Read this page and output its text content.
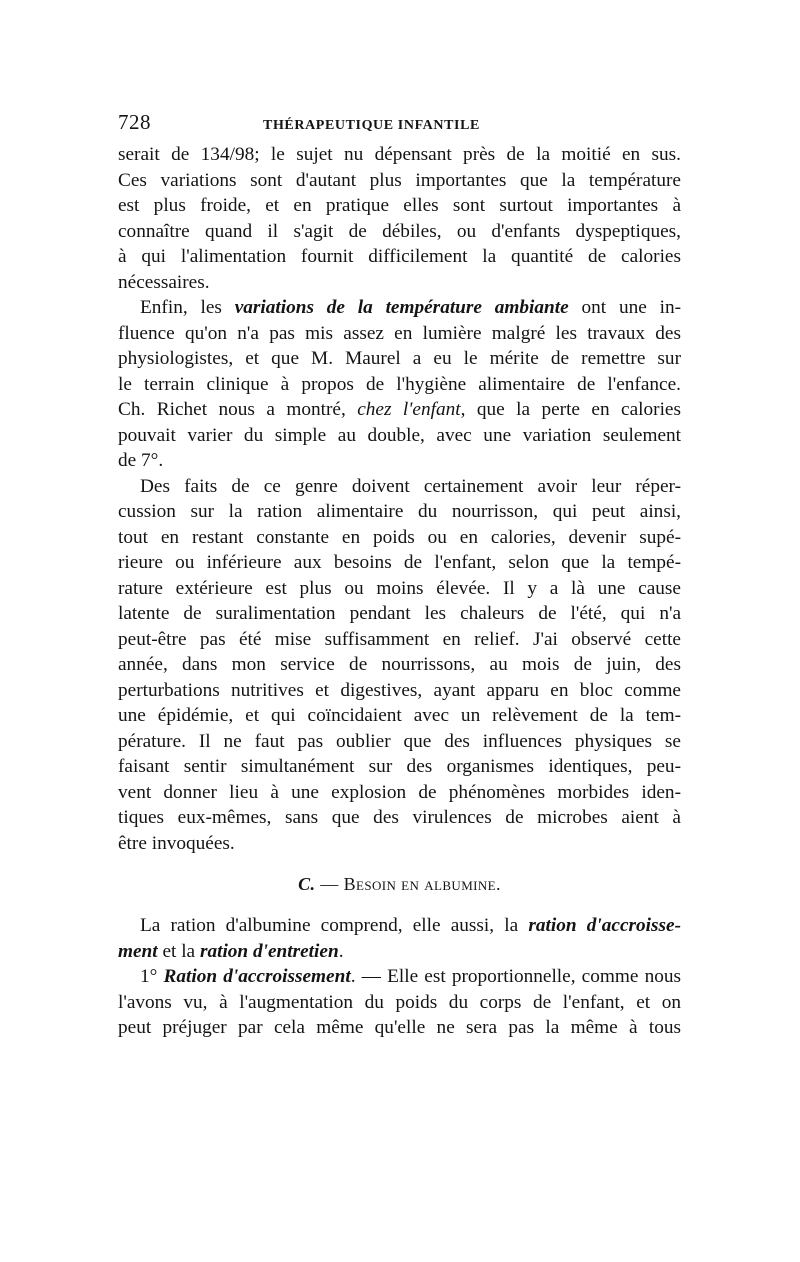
728	THÉRAPEUTIQUE INFANTILE

serait de 134/98; le sujet nu dépensant près de la moitié en sus.
Ces variations sont d'autant plus importantes que la température
est plus froide, et en pratique elles sont surtout importantes à
connaître quand il s'agit de débiles, ou d'enfants dyspeptiques,
à qui l'alimentation fournit difficilement la quantité de calories
nécessaires.

Enfin, les variations de la température ambiante ont une in-
fluence qu'on n'a pas mis assez en lumière malgré les travaux des
physiologistes, et que M. Maurel a eu le mérite de remettre sur
le terrain clinique à propos de l'hygiène alimentaire de l'enfance.
Ch. Richet nous a montré, chez l'enfant, que la perte en calories
pouvait varier du simple au double, avec une variation seulement
de 7°.

Des faits de ce genre doivent certainement avoir leur réper-
cussion sur la ration alimentaire du nourrisson, qui peut ainsi,
tout en restant constante en poids ou en calories, devenir supé-
rieure ou inférieure aux besoins de l'enfant, selon que la tempé-
rature extérieure est plus ou moins élevée. Il y a là une cause
latente de suralimentation pendant les chaleurs de l'été, qui n'a
peut-être pas été mise suffisamment en relief. J'ai observé cette
année, dans mon service de nourrissons, au mois de juin, des
perturbations nutritives et digestives, ayant apparu en bloc comme
une épidémie, et qui coïncidaient avec un relèvement de la tem-
pérature. Il ne faut pas oublier que des influences physiques se
faisant sentir simultanément sur des organismes identiques, peu-
vent donner lieu à une explosion de phénomènes morbides iden-
tiques eux-mêmes, sans que des virulences de microbes aient à
être invoquées.

C. — Besoin en albumine.

La ration d'albumine comprend, elle aussi, la ration d'accroisse-
ment et la ration d'entretien.

1° Ration d'accroissement. — Elle est proportionnelle, comme nous
l'avons vu, à l'augmentation du poids du corps de l'enfant, et on
peut préjuger par cela même qu'elle ne sera pas la même à tous
